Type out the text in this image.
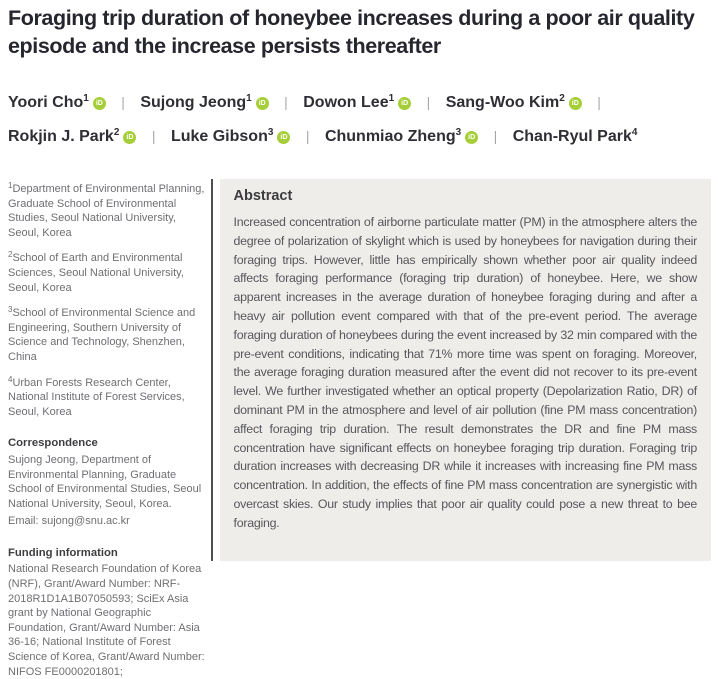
Foraging trip duration of honeybee increases during a poor air quality episode and the increase persists thereafter
Yoori Cho$^1$ iD | Sujong Jeong$^1$ iD | Dowon Lee$^1$ iD | Sang-Woo Kim$^2$ iD |
Rokjin J. Park$^2$ iD | Luke Gibson$^3$ iD | Chunmiao Zheng$^3$ iD | Chan-Ryul Park$^4$

$^1$Department of Environmental Planning, Graduate School of Environmental Studies, Seoul National University, Seoul, Korea

$^2$School of Earth and Environmental Sciences, Seoul National University, Seoul, Korea

$^3$School of Environmental Science and Engineering, Southern University of Science and Technology, Shenzhen, China

$^4$Urban Forests Research Center, National Institute of Forest Services, Seoul, Korea

Correspondence

Sujong Jeong, Department of Environmental Planning, Graduate School of Environmental Studies, Seoul National University, Seoul, Korea.

Email: sujong@snu.ac.kr

Funding information

National Research Foundation of Korea (NRF), Grant/Award Number: NRF-2018R1D1A1B07050593; SciEx Asia grant by National Geographic Foundation, Grant/Award Number: Asia 36-16; National Institute of Forest Science of Korea, Grant/Award Number: NIFOS FE0000201801;

Abstract

Increased concentration of airborne particulate matter (PM) in the atmosphere alters the degree of polarization of skylight which is used by honeybees for navigation during their foraging trips. However, little has empirically shown whether poor air quality indeed affects foraging performance (foraging trip duration) of honeybee. Here, we show apparent increases in the average duration of honeybee foraging during and after a heavy air pollution event compared with that of the pre-event period. The average foraging duration of honeybees during the event increased by 32 min compared with the pre-event conditions, indicating that 71% more time was spent on foraging. Moreover, the average foraging duration measured after the event did not recover to its pre-event level. We further investigated whether an optical property (Depolarization Ratio, DR) of dominant PM in the atmosphere and level of air pollution (fine PM mass concentration) affect foraging trip duration. The result demonstrates the DR and fine PM mass concentration have significant effects on honeybee foraging trip duration. Foraging trip duration increases with decreasing DR while it increases with increasing fine PM mass concentration. In addition, the effects of fine PM mass concentration are synergistic with overcast skies. Our study implies that poor air quality could pose a new threat to bee foraging.
